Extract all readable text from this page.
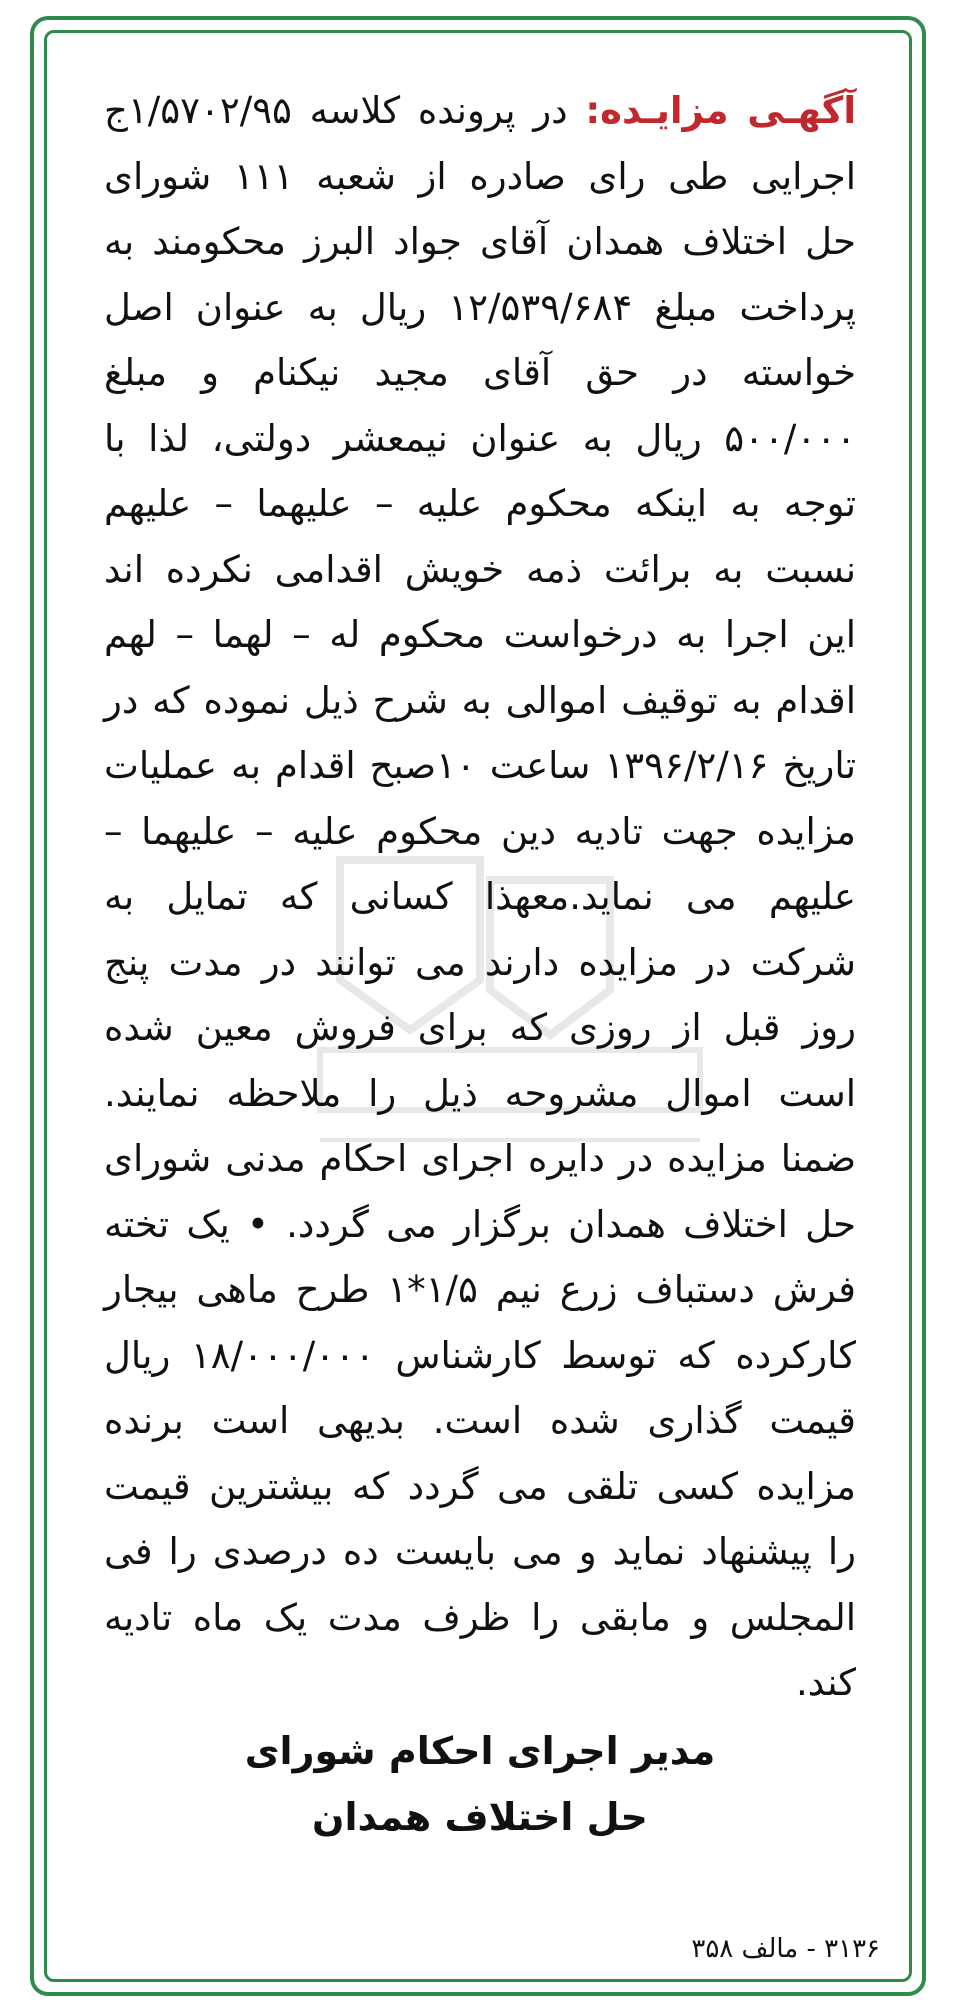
آگهـی مزایـده: در پرونده کلاسه ۱/۵۷۰۲/۹۵ج اجرایی طی رای صادره از شعبه ۱۱۱ شورای حل اختلاف همدان آقای جواد البرز محکومند به پرداخت مبلغ ۱۲/۵۳۹/۶۸۴ ریال به عنوان اصل خواسته در حق آقای مجید نیکنام و مبلغ ۵۰۰/۰۰۰ ریال به عنوان نیمعشر دولتی، لذا با توجه به اینکه محکوم علیه – علیهما – علیهم نسبت به برائت ذمه خویش اقدامی نکرده اند این اجرا به درخواست محکوم له – لهما – لهم اقدام به توقیف اموالی به شرح ذیل نموده که در تاریخ ۱۳۹۶/۲/۱۶ ساعت ۱۰صبح اقدام به عملیات مزایده جهت تادیه دین محکوم علیه – علیهما – علیهم می نماید.معهذا کسانی که تمایل به شرکت در مزایده دارند می توانند در مدت پنج روز قبل از روزی که برای فروش معین شده است اموال مشروحه ذیل را ملاحظه نمایند. ضمنا مزایده در دایره اجرای احکام مدنی شورای حل اختلاف همدان برگزار می گردد. • یک تخته فرش دستباف زرع نیم ۱/۵*۱ طرح ماهی بیجار کارکرده که توسط کارشناس ۱۸/۰۰۰/۰۰۰ ریال قیمت گذاری شده است. بدیهی است برنده مزایده کسی تلقی می گردد که بیشترین قیمت را پیشنهاد نماید و می بایست ده درصدی را فی المجلس و مابقی را ظرف مدت یک ماه تادیه کند.
مدیر اجرای احکام شورای
حل اختلاف همدان
۳۱۳۶ - مالف ۳۵۸
